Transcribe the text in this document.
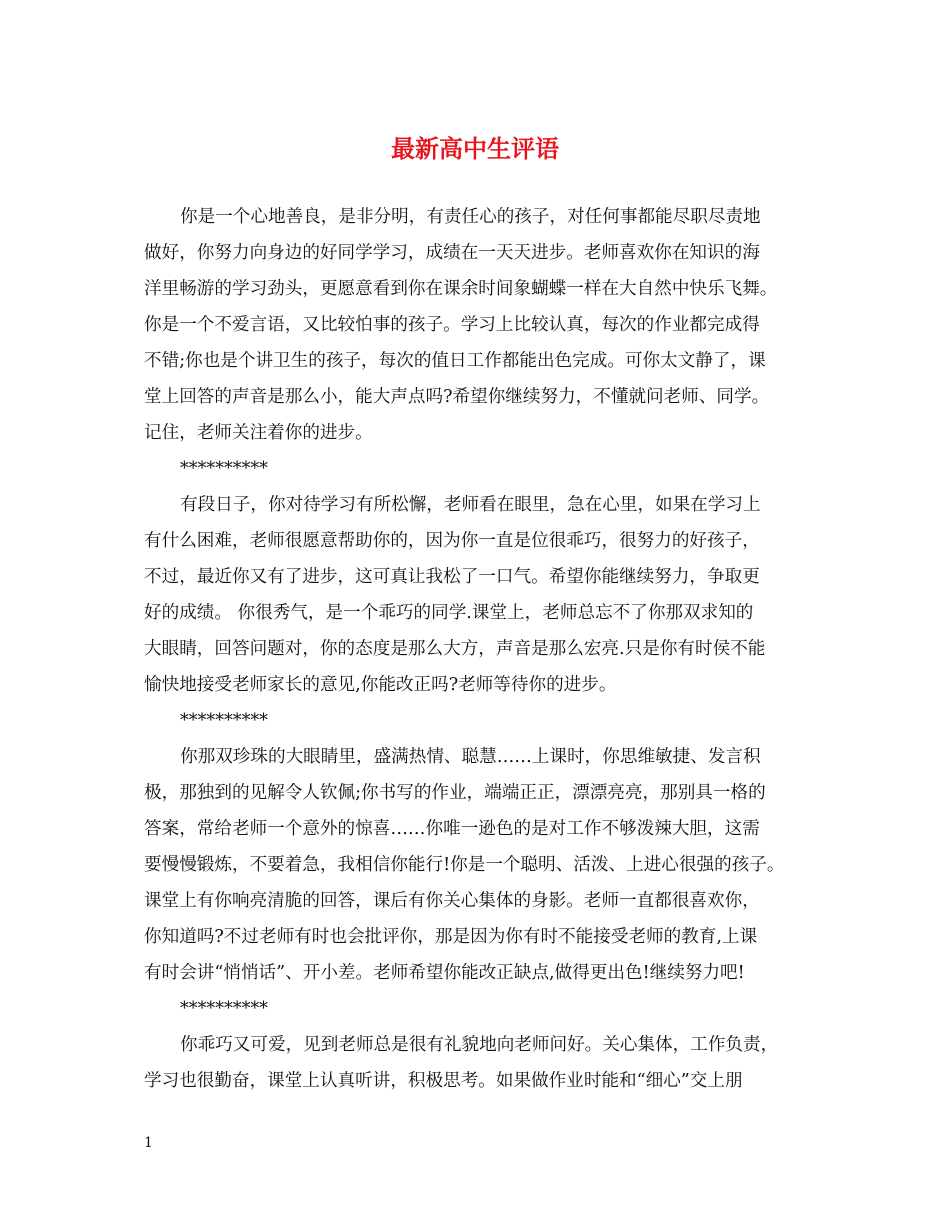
最新高中生评语
你是一个心地善良，是非分明，有责任心的孩子，对任何事都能尽职尽责地
做好，你努力向身边的好同学学习，成绩在一天天进步。老师喜欢你在知识的海
洋里畅游的学习劲头，更愿意看到你在课余时间象蝴蝶一样在大自然中快乐飞舞。
你是一个不爱言语，又比较怕事的孩子。学习上比较认真，每次的作业都完成得
不错;你也是个讲卫生的孩子，每次的值日工作都能出色完成。可你太文静了，课
堂上回答的声音是那么小，能大声点吗?希望你继续努力，不懂就问老师、同学。
记住，老师关注着你的进步。
**********
有段日子，你对待学习有所松懈，老师看在眼里，急在心里，如果在学习上
有什么困难，老师很愿意帮助你的，因为你一直是位很乖巧，很努力的好孩子，
不过，最近你又有了进步，这可真让我松了一口气。希望你能继续努力，争取更
好的成绩。 你很秀气，是一个乖巧的同学.课堂上，老师总忘不了你那双求知的
大眼睛，回答问题对，你的态度是那么大方，声音是那么宏亮.只是你有时侯不能
愉快地接受老师家长的意见,你能改正吗?老师等待你的进步。
**********
你那双珍珠的大眼睛里，盛满热情、聪慧……上课时，你思维敏捷、发言积
极，那独到的见解令人钦佩;你书写的作业，端端正正，漂漂亮亮，那别具一格的
答案，常给老师一个意外的惊喜……你唯一逊色的是对工作不够泼辣大胆，这需
要慢慢锻炼，不要着急，我相信你能行!你是一个聪明、活泼、上进心很强的孩子。
课堂上有你响亮清脆的回答，课后有你关心集体的身影。老师一直都很喜欢你，
你知道吗?不过老师有时也会批评你，那是因为你有时不能接受老师的教育,上课
有时会讲“悄悄话”、开小差。老师希望你能改正缺点,做得更出色!继续努力吧!
**********
你乖巧又可爱，见到老师总是很有礼貌地向老师问好。关心集体，工作负责，
学习也很勤奋，课堂上认真听讲，积极思考。如果做作业时能和“细心”交上朋
1
